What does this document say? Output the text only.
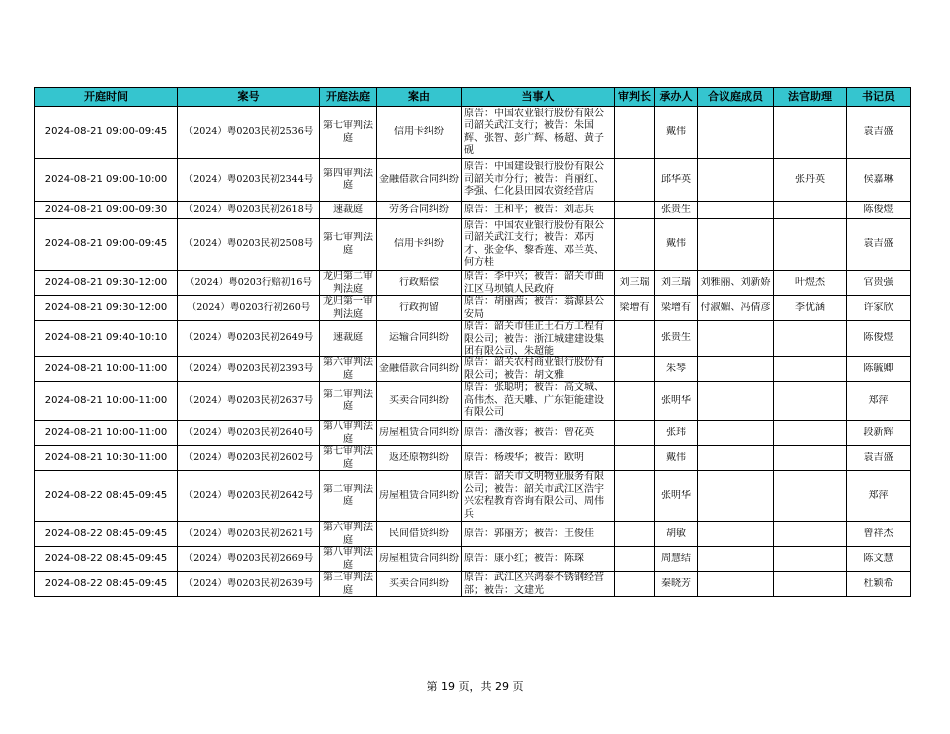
开庭时间	案号	开庭法庭	案由	当事人	审判长	承办人	合议庭成员	法官助理	书记员

2024-08-21 09:00-09:45	（2024）粤0203民初2536号	第七审判法庭	信用卡纠纷	原告：中国农业银行股份有限公司韶关武江支行；被告：朱国辉、张智、彭广辉、杨超、黄子砚		戴伟			袁吉盛

2024-08-21 09:00-10:00	（2024）粤0203民初2344号	第四审判法庭	金融借款合同纠纷	原告：中国建设银行股份有限公司韶关市分行；被告：肖丽红、李强、仁化县田园农资经营店		邱华英		张丹英	侯嘉琳

2024-08-21 09:00-09:30	（2024）粤0203民初2618号	速裁庭	劳务合同纠纷	原告：王和平；被告：刘志兵		张贵生			陈俊煜

2024-08-21 09:00-09:45	（2024）粤0203民初2508号	第七审判法庭	信用卡纠纷	原告：中国农业银行股份有限公司韶关武江支行；被告：邓丙才、张金华、黎香莲、邓兰英、何方桂		戴伟			袁吉盛

2024-08-21 09:30-12:00	（2024）粤0203行赔初16号	龙归第二审判法庭	行政赔偿	原告：李中兴；被告：韶关市曲江区马坝镇人民政府	刘三瑞	刘三瑞	刘雅丽、刘新娇	叶煜杰	官贵强

2024-08-21 09:30-12:00	（2024）粤0203行初260号	龙归第一审判法庭	行政拘留	原告：胡丽茜；被告：翁源县公安局	梁增有	梁增有	付淑媚、冯倩彦	李优涵	许家欣

2024-08-21 09:40-10:10	（2024）粤0203民初2649号	速裁庭	运输合同纠纷	原告：韶关市佳正土石方工程有限公司；被告：浙江城建建设集团有限公司、朱超能		张贵生			陈俊煜

2024-08-21 10:00-11:00	（2024）粤0203民初2393号	第六审判法庭	金融借款合同纠纷	原告：韶关农村商业银行股份有限公司；被告：胡文雅		朱琴			陈毓卿

2024-08-21 10:00-11:00	（2024）粤0203民初2637号	第二审判法庭	买卖合同纠纷	原告：张聪明；被告：高文城、高伟杰、范天雕、广东钜能建设有限公司		张明华			郑萍

2024-08-21 10:00-11:00	（2024）粤0203民初2640号	第八审判法庭	房屋租赁合同纠纷	原告：潘汝蓉；被告：曾花英		张玮			段新辉

2024-08-21 10:30-11:00	（2024）粤0203民初2602号	第七审判法庭	返还原物纠纷	原告：杨竣华；被告：欧明		戴伟			袁吉盛

2024-08-22 08:45-09:45	（2024）粤0203民初2642号	第二审判法庭	房屋租赁合同纠纷	原告：韶关市文明物业服务有限公司；被告：韶关市武江区浩宇兴宏程教育咨询有限公司、周伟兵		张明华			郑萍

2024-08-22 08:45-09:45	（2024）粤0203民初2621号	第六审判法庭	民间借贷纠纷	原告：郭丽芳；被告：王俊佳		胡敏			曾祥杰

2024-08-22 08:45-09:45	（2024）粤0203民初2669号	第八审判法庭	房屋租赁合同纠纷	原告：康小红；被告：陈琛		周慧结			陈文慧

2024-08-22 08:45-09:45	（2024）粤0203民初2639号	第三审判法庭	买卖合同纠纷	原告：武江区兴鸿泰不锈钢经营部；被告：文建光		秦晓芳			杜颖希
第 19 页，共 29 页
